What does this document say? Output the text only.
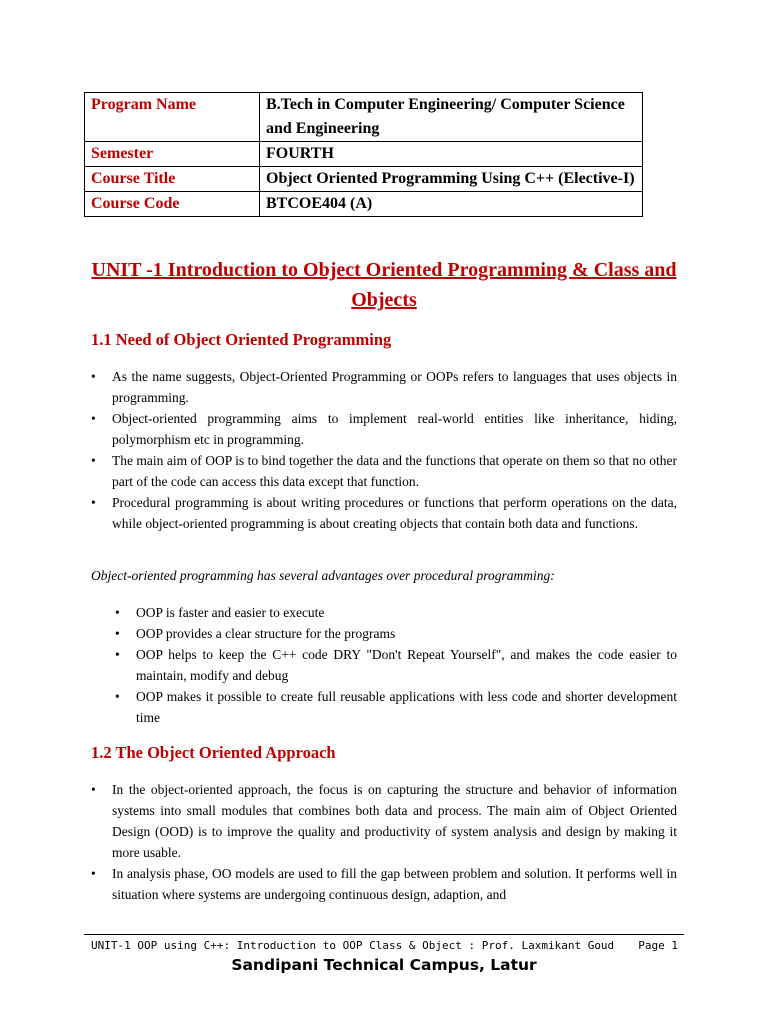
Program Name	B.Tech in Computer Engineering/ Computer Science and Engineering
Semester	FOURTH
Course Title	Object Oriented Programming Using C++ (Elective-I)
Course Code	BTCOE404 (A)
UNIT -1 Introduction to Object Oriented Programming & Class and Objects
1.1 Need of Object Oriented Programming
• As the name suggests, Object-Oriented Programming or OOPs refers to languages that uses objects in programming.
• Object-oriented programming aims to implement real-world entities like inheritance, hiding, polymorphism etc in programming.
• The main aim of OOP is to bind together the data and the functions that operate on them so that no other part of the code can access this data except that function.
• Procedural programming is about writing procedures or functions that perform operations on the data, while object-oriented programming is about creating objects that contain both data and functions.
Object-oriented programming has several advantages over procedural programming:
• OOP is faster and easier to execute
• OOP provides a clear structure for the programs
• OOP helps to keep the C++ code DRY "Don't Repeat Yourself", and makes the code easier to maintain, modify and debug
• OOP makes it possible to create full reusable applications with less code and shorter development time
1.2 The Object Oriented Approach
• In the object-oriented approach, the focus is on capturing the structure and behavior of information systems into small modules that combines both data and process. The main aim of Object Oriented Design (OOD) is to improve the quality and productivity of system analysis and design by making it more usable.
• In analysis phase, OO models are used to fill the gap between problem and solution. It performs well in situation where systems are undergoing continuous design, adaption, and
UNIT-1 OOP using C++: Introduction to OOP Class & Object : Prof. Laxmikant Goud Page 1
Sandipani Technical Campus, Latur
